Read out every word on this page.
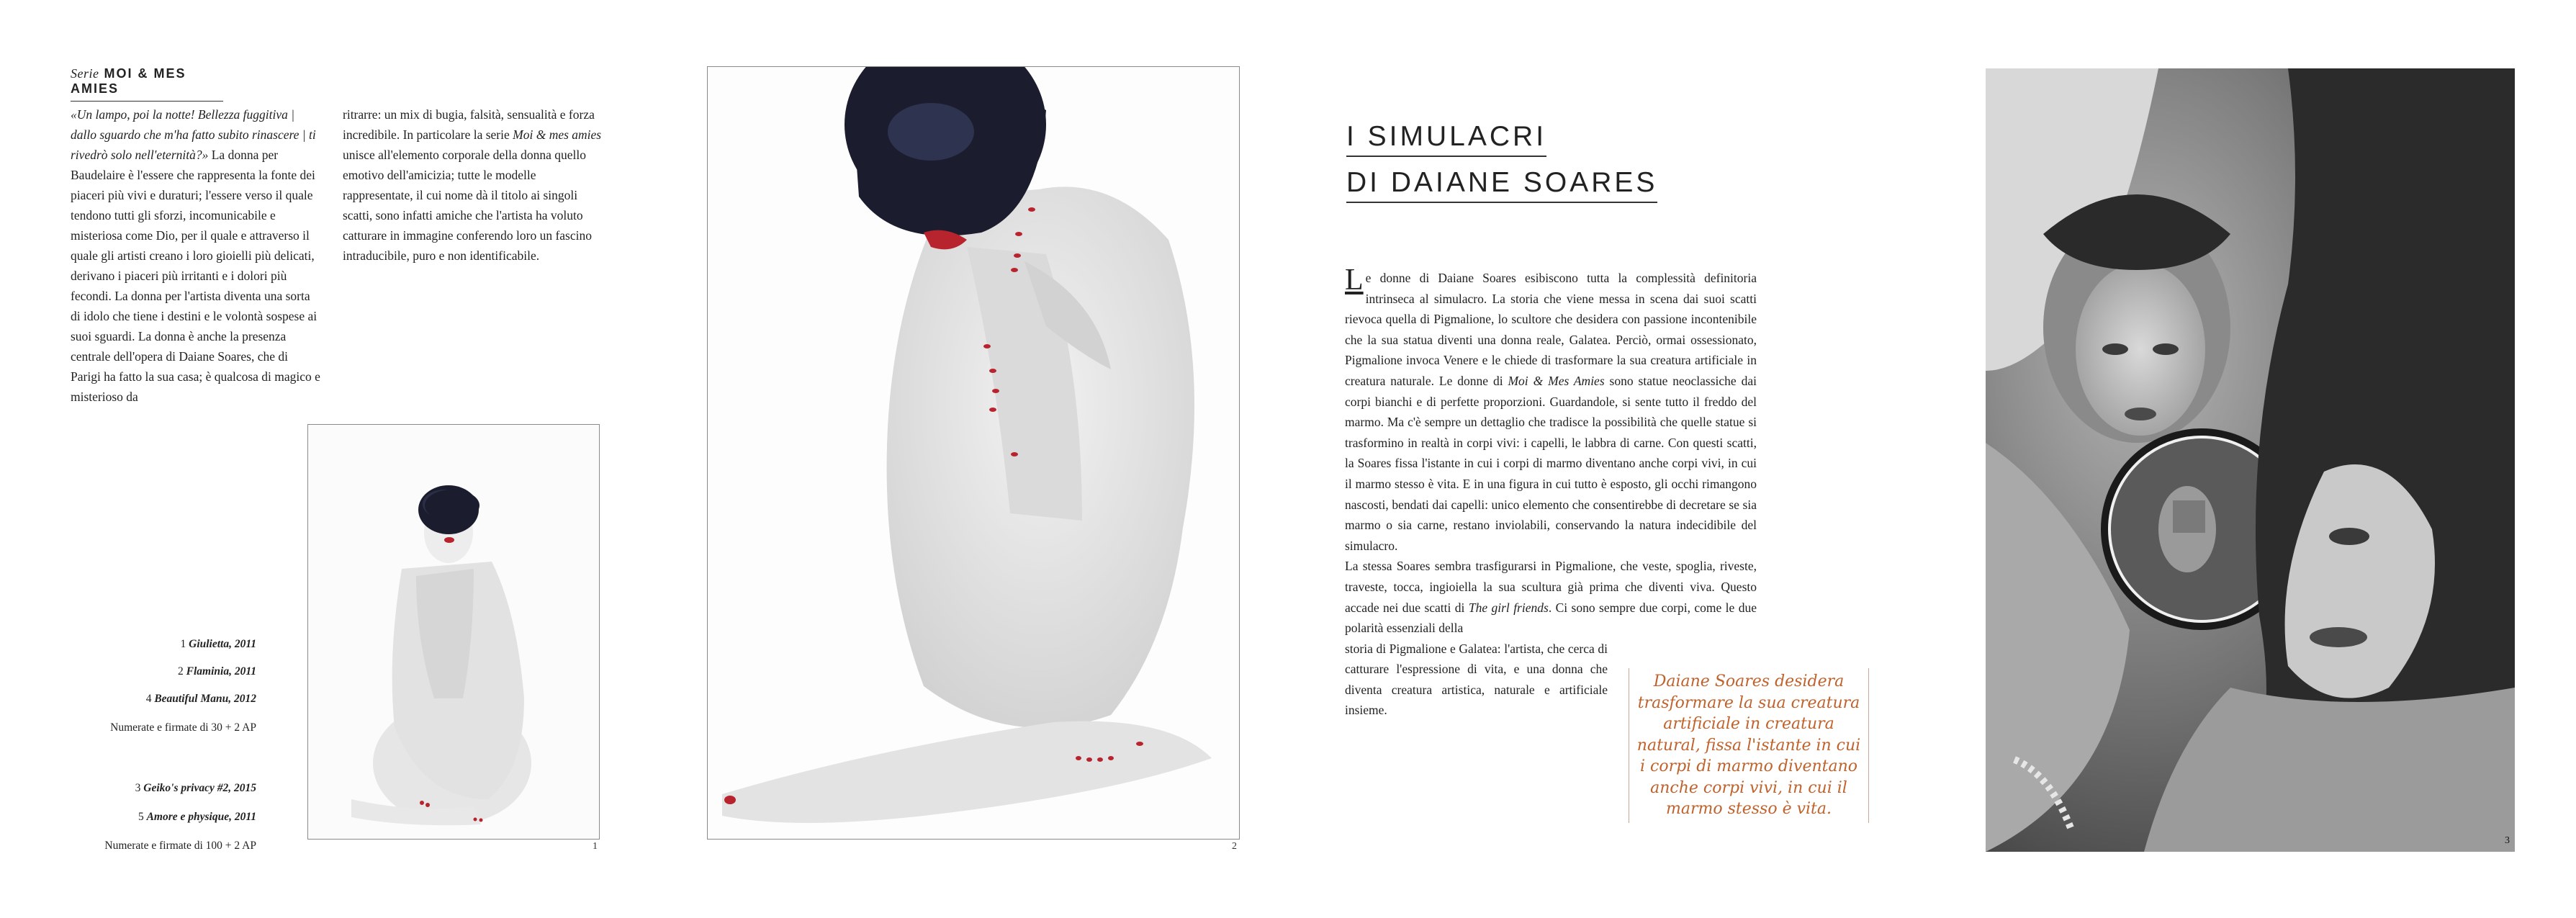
Serie MOI & MES AMIES
«Un lampo, poi la notte! Bellezza fuggitiva | dallo sguardo che m'ha fatto subito rinascere | ti rivedrò solo nell'eternità?» La donna per Baudelaire è l'essere che rappresenta la fonte dei piaceri più vivi e duraturi; l'essere verso il quale tendono tutti gli sforzi, incomunicabile e misteriosa come Dio, per il quale e attraverso il quale gli artisti creano i loro gioielli più delicati, derivano i piaceri più irritanti e i dolori più fecondi. La donna per l'artista diventa una sorta di idolo che tiene i destini e le volontà sospese ai suoi sguardi. La donna è anche la presenza centrale dell'opera di Daiane Soares, che di Parigi ha fatto la sua casa; è qualcosa di magico e misterioso da
ritrarre: un mix di bugia, falsità, sensualità e forza incredibile. In particolare la serie Moi & mes amies unisce all'elemento corporale della donna quello emotivo dell'amicizia; tutte le modelle rappresentate, il cui nome dà il titolo ai singoli scatti, sono infatti amiche che l'artista ha voluto catturare in immagine conferendo loro un fascino intraducibile, puro e non identificabile.
1 Giulietta, 2011
2 Flaminia, 2011
4 Beautiful Manu, 2012
Numerate e firmate di 30 + 2 AP
3 Geiko's privacy #2, 2015
5 Amore e physique, 2011
Numerate e firmate di 100 + 2 AP	1	2
I SIMULACRI
DI DAIANE SOARES
Le donne di Daiane Soares esibiscono tutta la complessità definitoria intrinseca al simulacro. La storia che viene messa in scena dai suoi scatti rievoca quella di Pigmalione, lo scultore che desidera con passione incontenibile che la sua statua diventi una donna reale, Galatea. Perciò, ormai ossessionato, Pigmalione invoca Venere e le chiede di trasformare la sua creatura artificiale in creatura naturale. Le donne di Moi & Mes Amies sono statue neoclassiche dai corpi bianchi e di perfette proporzioni. Guardandole, si sente tutto il freddo del marmo. Ma c'è sempre un dettaglio che tradisce la possibilità che quelle statue si trasformino in realtà in corpi vivi: i capelli, le labbra di carne. Con questi scatti, la Soares fissa l'istante in cui i corpi di marmo diventano anche corpi vivi, in cui il marmo stesso è vita. E in una figura in cui tutto è esposto, gli occhi rimangono nascosti, bendati dai capelli: unico elemento che consentirebbe di decretare se sia marmo o sia carne, restano inviolabili, conservando la natura indecidibile del simulacro.
La stessa Soares sembra trasfigurarsi in Pigmalione, che veste, spoglia, riveste, traveste, tocca, ingioiella la sua scultura già prima che diventi viva. Questo accade nei due scatti di The girl friends. Ci sono sempre due corpi, come le due polarità essenziali della
storia di Pigmalione e Galatea: l'artista, che cerca di catturare l'espressione di vita, e una donna che diventa creatura artistica, naturale e artificiale insieme.
Daiane Soares desidera trasformare la sua creatura artificiale in creatura natural, fissa l'istante in cui i corpi di marmo diventano anche corpi vivi, in cui il marmo stesso è vita.
3
